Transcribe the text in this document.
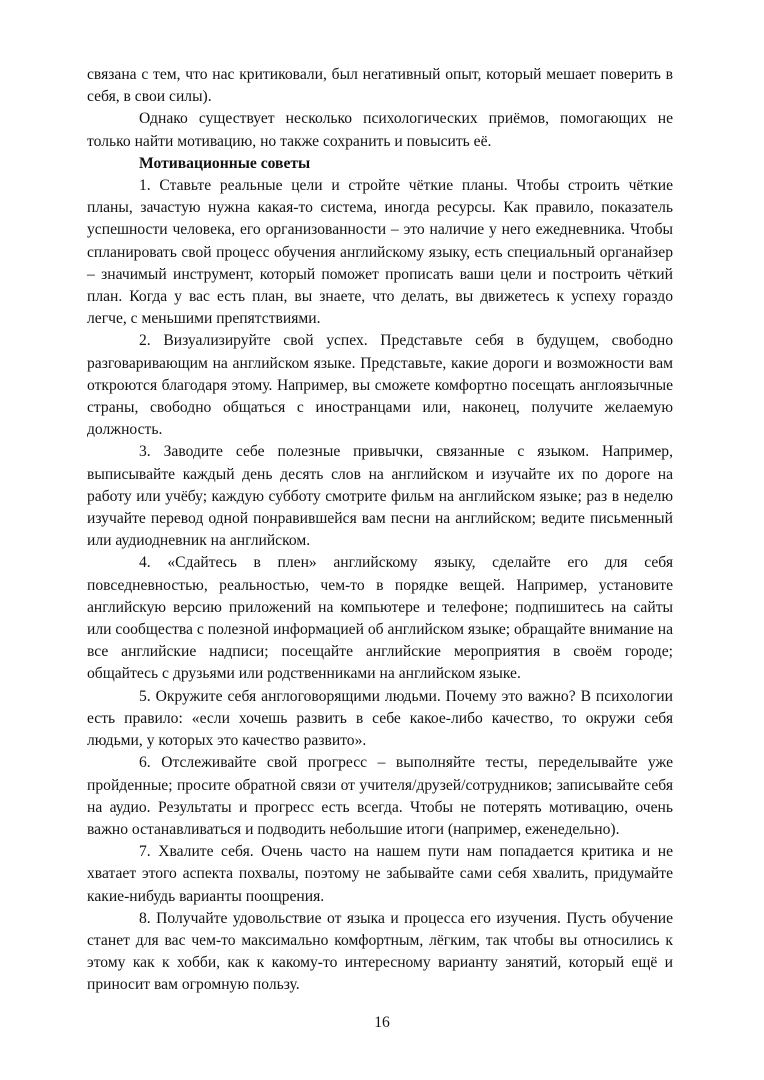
связана с тем, что нас критиковали, был негативный опыт, который мешает поверить в себя, в свои силы).

Однако существует несколько психологических приёмов, помогающих не только найти мотивацию, но также сохранить и повысить её.

Мотивационные советы

1. Ставьте реальные цели и стройте чёткие планы. Чтобы строить чёткие планы, зачастую нужна какая-то система, иногда ресурсы. Как правило, показатель успешности человека, его организованности – это наличие у него ежедневника. Чтобы спланировать свой процесс обучения английскому языку, есть специальный органайзер – значимый инструмент, который поможет прописать ваши цели и построить чёткий план. Когда у вас есть план, вы знаете, что делать, вы движетесь к успеху гораздо легче, с меньшими препятствиями.

2. Визуализируйте свой успех. Представьте себя в будущем, свободно разговаривающим на английском языке. Представьте, какие дороги и возможности вам откроются благодаря этому. Например, вы сможете комфортно посещать англоязычные страны, свободно общаться с иностранцами или, наконец, получите желаемую должность.

3. Заводите себе полезные привычки, связанные с языком. Например, выписывайте каждый день десять слов на английском и изучайте их по дороге на работу или учёбу; каждую субботу смотрите фильм на английском языке; раз в неделю изучайте перевод одной понравившейся вам песни на английском; ведите письменный или аудиодневник на английском.

4. «Сдайтесь в плен» английскому языку, сделайте его для себя повседневностью, реальностью, чем-то в порядке вещей. Например, установите английскую версию приложений на компьютере и телефоне; подпишитесь на сайты или сообщества с полезной информацией об английском языке; обращайте внимание на все английские надписи; посещайте английские мероприятия в своём городе; общайтесь с друзьями или родственниками на английском языке.

5. Окружите себя англоговорящими людьми. Почему это важно? В психологии есть правило: «если хочешь развить в себе какое-либо качество, то окружи себя людьми, у которых это качество развито».

6. Отслеживайте свой прогресс – выполняйте тесты, переделывайте уже пройденные; просите обратной связи от учителя/друзей/сотрудников; записывайте себя на аудио. Результаты и прогресс есть всегда. Чтобы не потерять мотивацию, очень важно останавливаться и подводить небольшие итоги (например, еженедельно).

7. Хвалите себя. Очень часто на нашем пути нам попадается критика и не хватает этого аспекта похвалы, поэтому не забывайте сами себя хвалить, придумайте какие-нибудь варианты поощрения.

8. Получайте удовольствие от языка и процесса его изучения. Пусть обучение станет для вас чем-то максимально комфортным, лёгким, так чтобы вы относились к этому как к хобби, как к какому-то интересному варианту занятий, который ещё и приносит вам огромную пользу.

16
